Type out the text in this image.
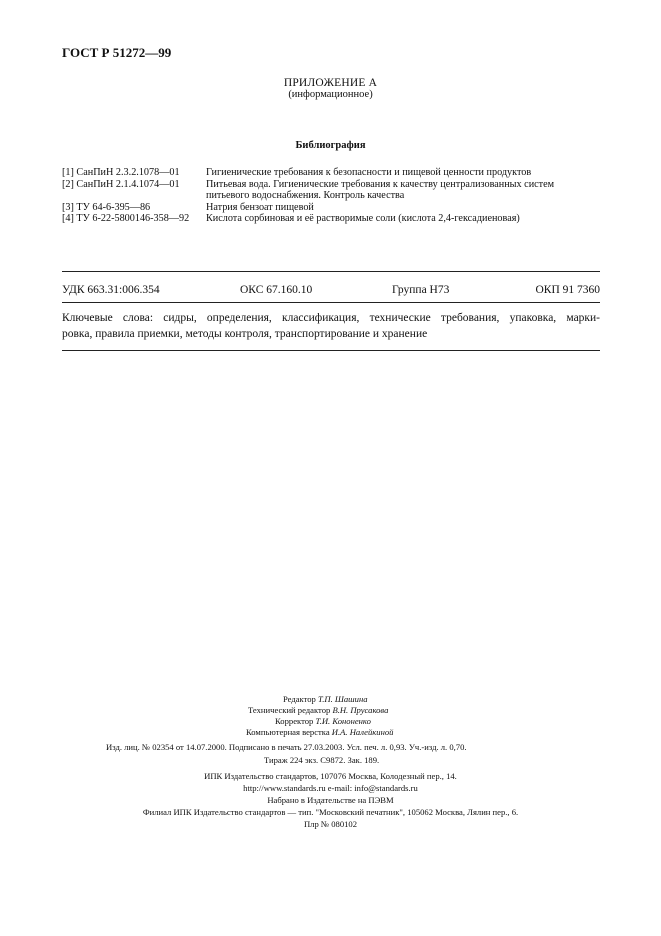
ГОСТ Р 51272—99
ПРИЛОЖЕНИЕ А
(информационное)
Библиография
[1] СанПиН 2.3.2.1078—01	Гигиенические требования к безопасности и пищевой ценности продуктов
[2] СанПиН 2.1.4.1074—01	Питьевая вода. Гигиенические требования к качеству централизованных систем
питьевого водоснабжения. Контроль качества
[3] ТУ 64-6-395—86	Натрия бензоат пищевой
[4] ТУ 6-22-5800146-358—92	Кислота сорбиновая и её растворимые соли (кислота 2,4-гексадиеновая)
УДК 663.31:006.354	ОКС 67.160.10	Группа Н73	ОКП 91 7360
Ключевые слова: сидры, определения, классификация, технические требования, упаковка, марки-
ровка, правила приемки, методы контроля, транспортирование и хранение
Редактор Т.П. Шашина
Технический редактор В.Н. Прусакова
Корректор Т.И. Кононенко
Компьютерная верстка И.А. Налейкиной
Изд. лиц. № 02354 от 14.07.2000. Подписано в печать 27.03.2003. Усл. печ. л. 0,93. Уч.-изд. л. 0,70.
Тираж 224 экз. С9872. Зак. 189.
ИПК Издательство стандартов, 107076 Москва, Колодезный пер., 14.
http://www.standards.ru e-mail: info@standards.ru
Набрано в Издательстве на ПЭВМ
Филиал ИПК Издательство стандартов — тип. "Московский печатник", 105062 Москва, Лялин пер., 6.
Плр № 080102
